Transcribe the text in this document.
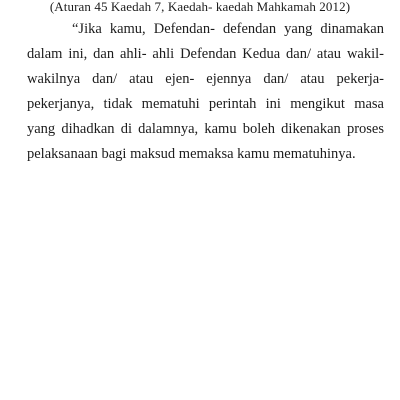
(Aturan 45 Kaedah 7, Kaedah- kaedah Mahkamah 2012)
“Jika kamu, Defendan- defendan yang dinamakan
dalam ini, dan ahli- ahli Defendan Kedua dan/ atau wakil-
wakilnya dan/ atau ejen- ejennya dan/ atau pekerja-
pekerjanya, tidak mematuhi perintah ini mengikut masa
yang dihadkan di dalamnya, kamu boleh dikenakan proses
pelaksanaan bagi maksud memaksa kamu mematuhinya.
